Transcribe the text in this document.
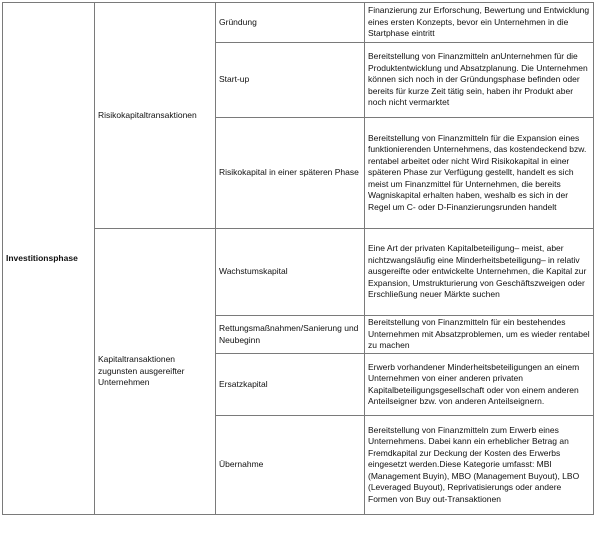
Investitionsphase	Risikokapitaltransaktionen	Gründung	Finanzierung zur Erforschung, Bewertung und Entwicklung eines ersten Konzepts, bevor ein Unternehmen in die Startphase eintritt
		Start-up	Bereitstellung von Finanzmitteln anUnternehmen für die Produktentwicklung und Absatzplanung. Die Unternehmen können sich noch in der Gründungsphase befinden oder bereits für kurze Zeit tätig sein, haben ihr Produkt aber noch nicht vermarktet
		Risikokapital in einer späteren Phase	Bereitstellung von Finanzmitteln für die Expansion eines funktionierenden Unternehmens, das kostendeckend bzw. rentabel arbeitet oder nicht Wird Risikokapital in einer späteren Phase zur Verfügung gestellt, handelt es sich meist um Finanzmittel für Unternehmen, die bereits Wagniskapital erhalten haben, weshalb es sich in der Regel um C- oder D-Finanzierungsrunden handelt
	Kapitaltransaktionen zugunsten ausgereifter Unternehmen	Wachstumskapital	Eine Art der privaten Kapitalbeteiligung– meist, aber nichtzwangsläufig eine Minderheitsbeteiligung– in relativ ausgereifte oder entwickelte Unternehmen, die Kapital zur Expansion, Umstrukturierung von Geschäftszweigen oder Erschließung neuer Märkte suchen
		Rettungsmaßnahmen/Sanierung und Neubeginn	Bereitstellung von Finanzmitteln für ein bestehendes Unternehmen mit Absatzproblemen, um es wieder rentabel zu machen
		Ersatzkapital	Erwerb vorhandener Minderheitsbeteiligungen an einem Unternehmen von einer anderen privaten Kapitalbeteiligungsgesellschaft oder von einem anderen Anteilseigner bzw. von anderen Anteilseignern.
		Übernahme	Bereitstellung von Finanzmitteln zum Erwerb eines Unternehmens. Dabei kann ein erheblicher Betrag an Fremdkapital zur Deckung der Kosten des Erwerbs eingesetzt werden.Diese Kategorie umfasst: MBI (Management Buyin), MBO (Management Buyout), LBO (Leveraged Buyout), Reprivatisierungs oder andere Formen von Buy out-Transaktionen
